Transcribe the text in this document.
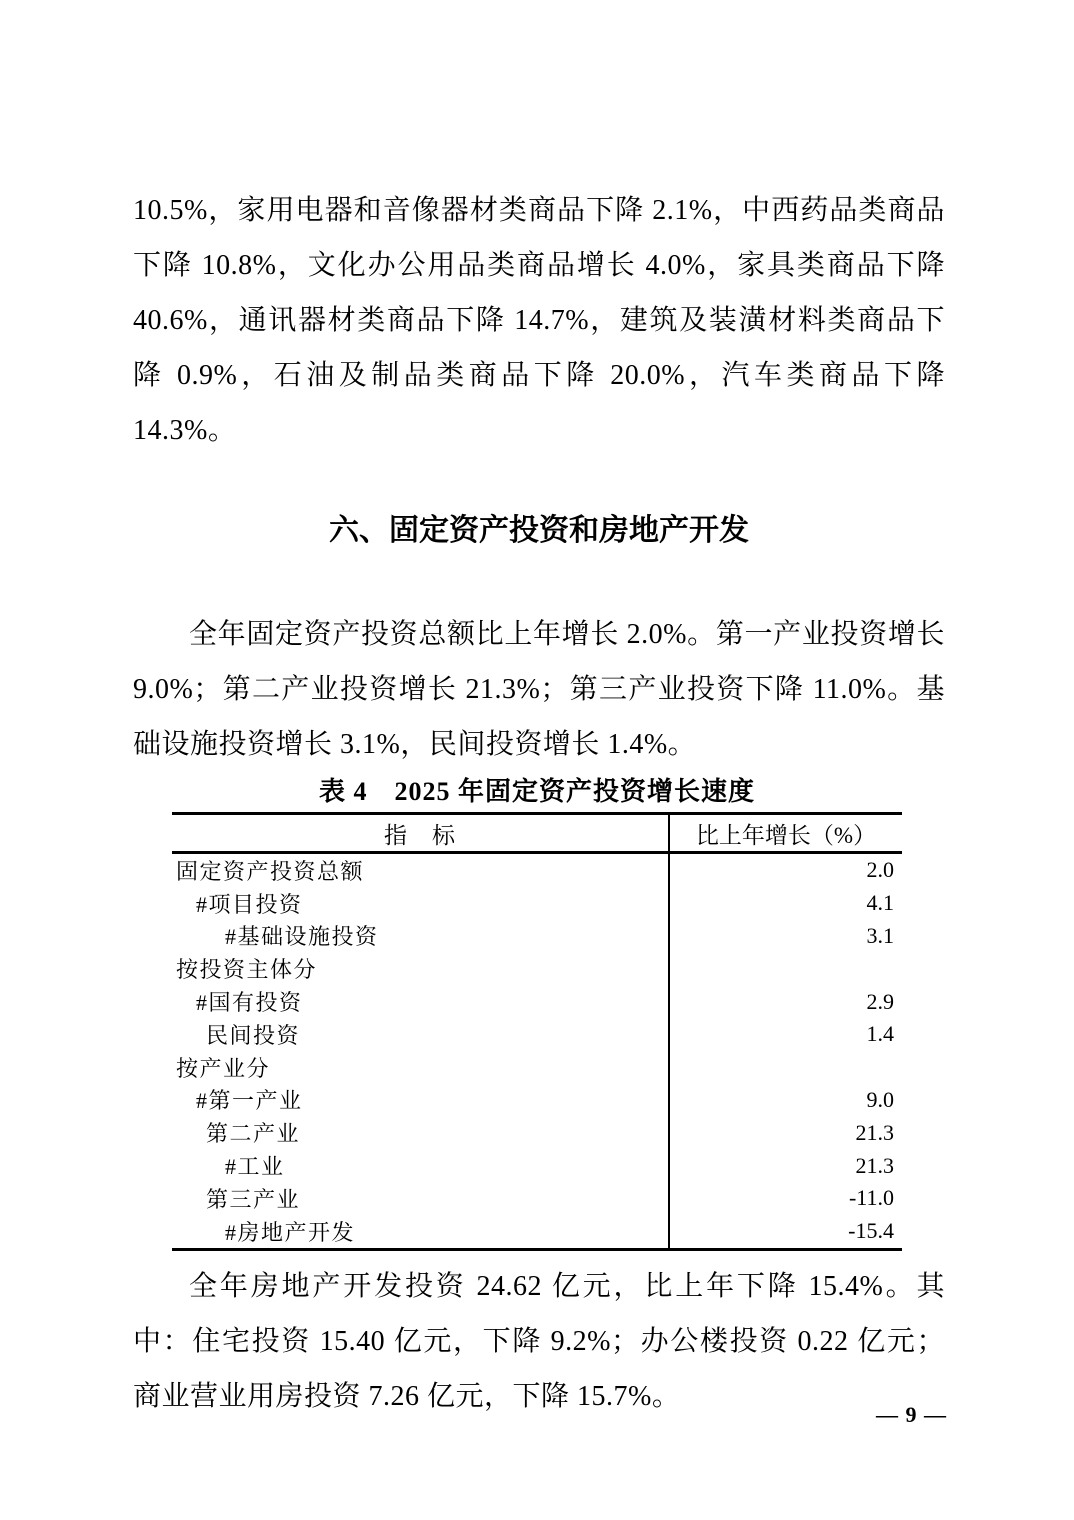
10.5%，家用电器和音像器材类商品下降 2.1%，中西药品类商品下降 10.8%，文化办公用品类商品增长 4.0%，家具类商品下降 40.6%，通讯器材类商品下降 14.7%，建筑及装潢材料类商品下降 0.9%，石油及制品类商品下降 20.0%，汽车类商品下降 14.3%。

六、固定资产投资和房地产开发

全年固定资产投资总额比上年增长 2.0%。第一产业投资增长 9.0%；第二产业投资增长 21.3%；第三产业投资下降 11.0%。基础设施投资增长 3.1%，民间投资增长 1.4%。

表 4　2025 年固定资产投资增长速度
指　标	比上年增长（%）
固定资产投资总额	2.0
#项目投资	4.1
#基础设施投资	3.1
按投资主体分
#国有投资	2.9
民间投资	1.4
按产业分
#第一产业	9.0
第二产业	21.3
#工业	21.3
第三产业	-11.0
#房地产开发	-15.4

全年房地产开发投资 24.62 亿元，比上年下降 15.4%。其中：住宅投资 15.40 亿元，下降 9.2%；办公楼投资 0.22 亿元；商业营业用房投资 7.26 亿元，下降 15.7%。

— 9 —
